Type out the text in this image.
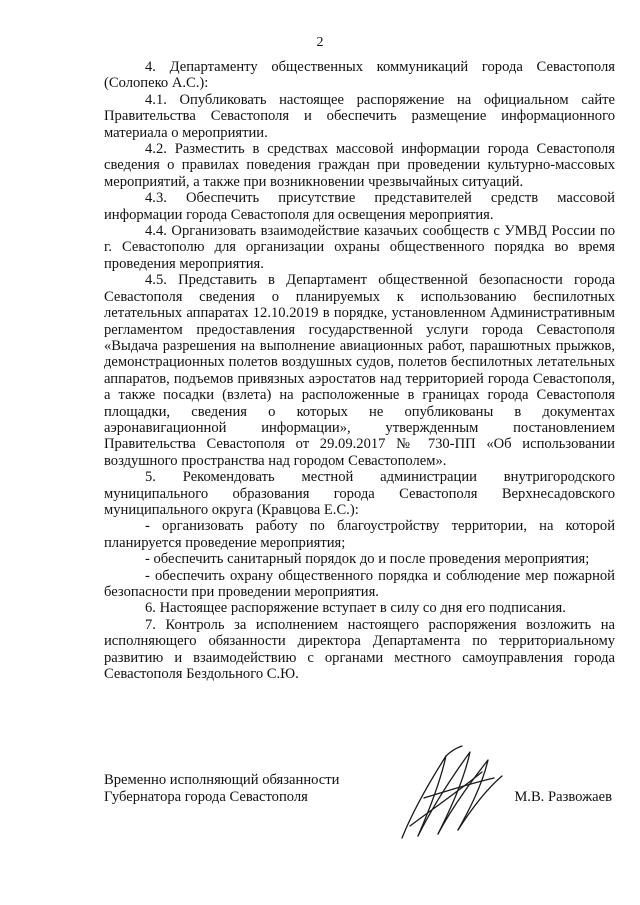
2

4. Департаменту общественных коммуникаций города Севастополя (Солопеко А.С.):

4.1. Опубликовать настоящее распоряжение на официальном сайте Правительства Севастополя и обеспечить размещение информационного материала о мероприятии.

4.2. Разместить в средствах массовой информации города Севастополя сведения о правилах поведения граждан при проведении культурно-массовых мероприятий, а также при возникновении чрезвычайных ситуаций.

4.3. Обеспечить присутствие представителей средств массовой информации города Севастополя для освещения мероприятия.

4.4. Организовать взаимодействие казачьих сообществ с УМВД России по г. Севастополю для организации охраны общественного порядка во время проведения мероприятия.

4.5. Представить в Департамент общественной безопасности города Севастополя сведения о планируемых к использованию беспилотных летательных аппаратах 12.10.2019 в порядке, установленном Административным регламентом предоставления государственной услуги города Севастополя «Выдача разрешения на выполнение авиационных работ, парашютных прыжков, демонстрационных полетов воздушных судов, полетов беспилотных летательных аппаратов, подъемов привязных аэростатов над территорией города Севастополя, а также посадки (взлета) на расположенные в границах города Севастополя площадки, сведения о которых не опубликованы в документах аэронавигационной информации», утвержденным постановлением Правительства Севастополя от 29.09.2017 № 730-ПП «Об использовании воздушного пространства над городом Севастополем».

5. Рекомендовать местной администрации внутригородского муниципального образования города Севастополя Верхнесадовского муниципального округа (Кравцова Е.С.):

- организовать работу по благоустройству территории, на которой планируется проведение мероприятия;

- обеспечить санитарный порядок до и после проведения мероприятия;

- обеспечить охрану общественного порядка и соблюдение мер пожарной безопасности при проведении мероприятия.

6. Настоящее распоряжение вступает в силу со дня его подписания.

7. Контроль за исполнением настоящего распоряжения возложить на исполняющего обязанности директора Департамента по территориальному развитию и взаимодействию с органами местного самоуправления города Севастополя Бездольного С.Ю.

Временно исполняющий обязанности
Губернатора города Севастополя	М.В. Развожаев
